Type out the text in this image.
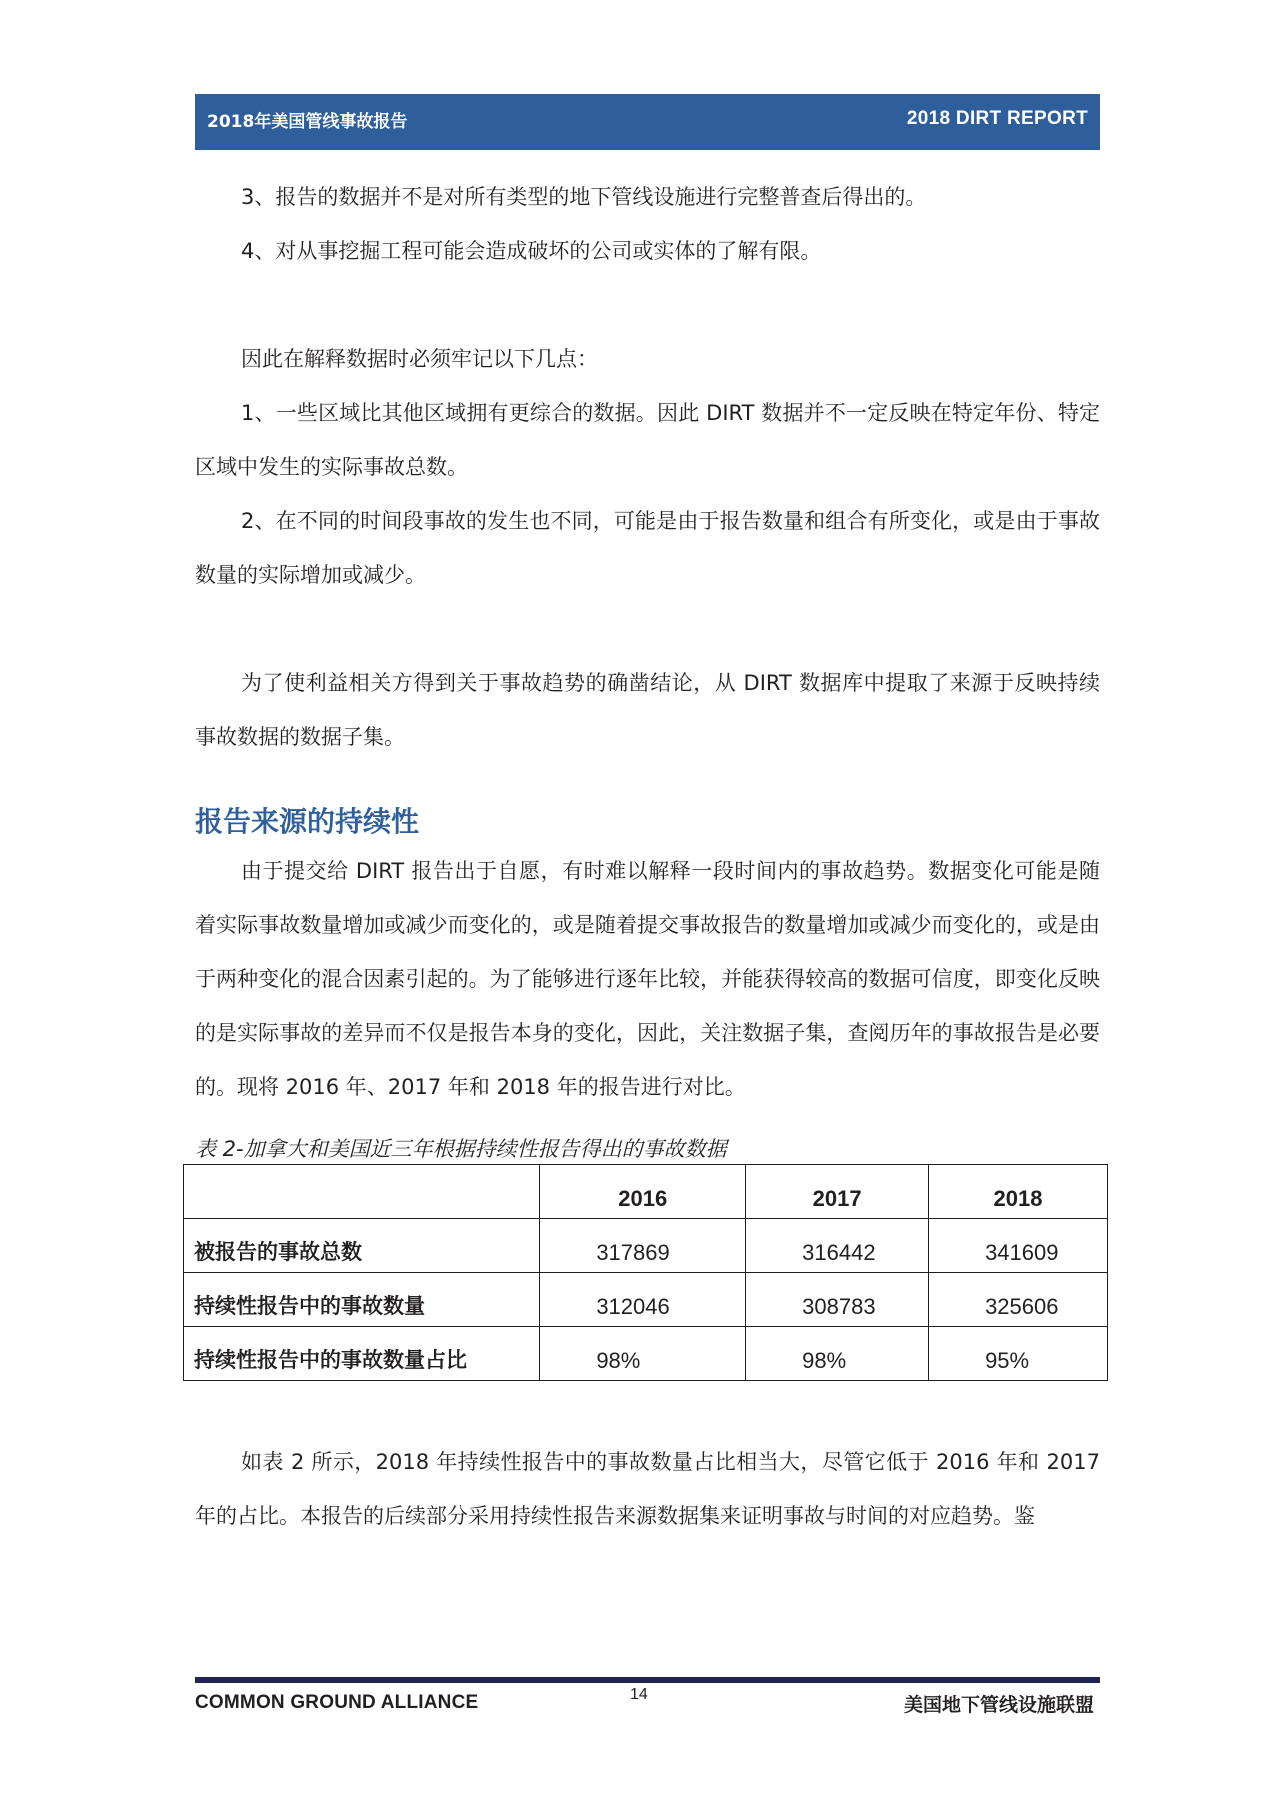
2018年美国管线事故报告	2018 DIRT REPORT

3、报告的数据并不是对所有类型的地下管线设施进行完整普查后得出的。

4、对从事挖掘工程可能会造成破坏的公司或实体的了解有限。

因此在解释数据时必须牢记以下几点：

1、一些区域比其他区域拥有更综合的数据。因此 DIRT 数据并不一定反映在特定年份、特定区域中发生的实际事故总数。

2、在不同的时间段事故的发生也不同，可能是由于报告数量和组合有所变化，或是由于事故数量的实际增加或减少。

为了使利益相关方得到关于事故趋势的确凿结论，从 DIRT 数据库中提取了来源于反映持续事故数据的数据子集。

报告来源的持续性

由于提交给 DIRT 报告出于自愿，有时难以解释一段时间内的事故趋势。数据变化可能是随着实际事故数量增加或减少而变化的，或是随着提交事故报告的数量增加或减少而变化的，或是由于两种变化的混合因素引起的。为了能够进行逐年比较，并能获得较高的数据可信度，即变化反映的是实际事故的差异而不仅是报告本身的变化，因此，关注数据子集，查阅历年的事故报告是必要的。现将 2016 年、2017 年和 2018 年的报告进行对比。

表 2-加拿大和美国近三年根据持续性报告得出的事故数据
	2016	2017	2018
被报告的事故总数	317869	316442	341609
持续性报告中的事故数量	312046	308783	325606
持续性报告中的事故数量占比	98%	98%	95%

如表 2 所示，2018 年持续性报告中的事故数量占比相当大，尽管它低于 2016 年和 2017 年的占比。本报告的后续部分采用持续性报告来源数据集来证明事故与时间的对应趋势。鉴

COMMON GROUND ALLIANCE	14	美国地下管线设施联盟
